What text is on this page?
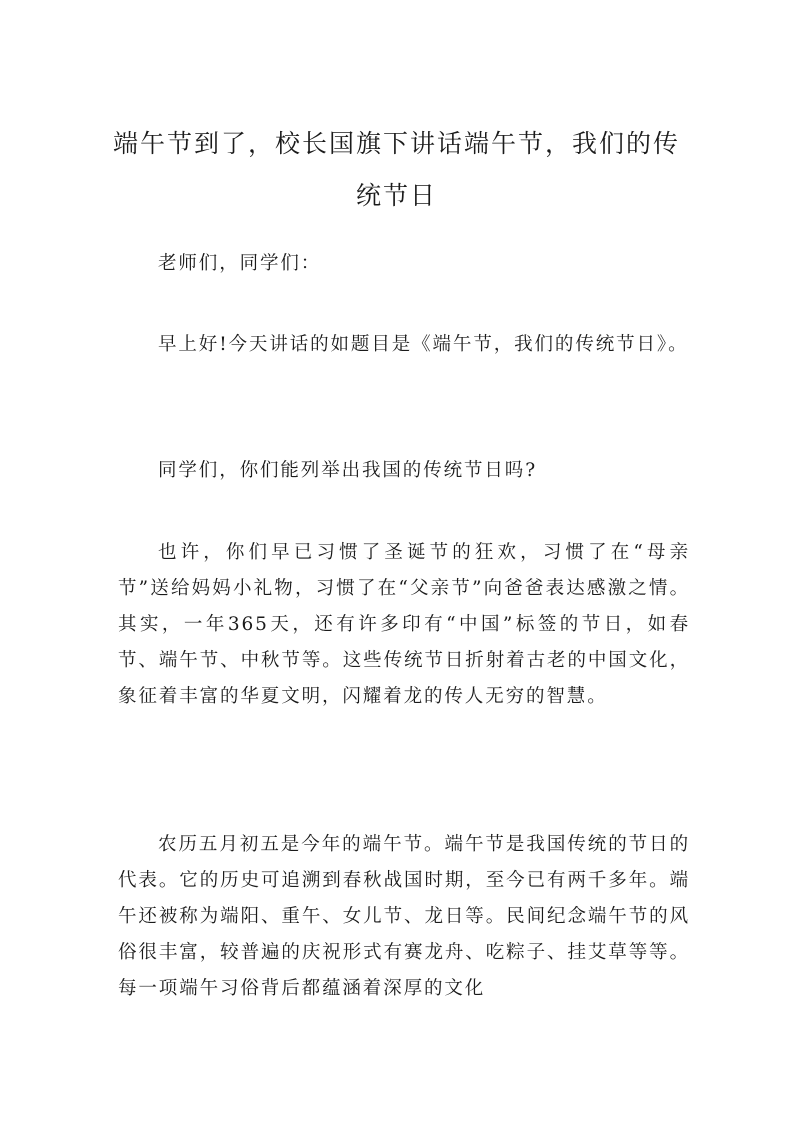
端午节到了，校长国旗下讲话端午节，我们的传统节日

老师们，同学们：

早上好!今天讲话的如题目是《端午节，我们的传统节日》。

同学们，你们能列举出我国的传统节日吗?

也许，你们早已习惯了圣诞节的狂欢，习惯了在“母亲节”送给妈妈小礼物，习惯了在“父亲节”向爸爸表达感激之情。其实，一年365天，还有许多印有“中国”标签的节日，如春节、端午节、中秋节等。这些传统节日折射着古老的中国文化，象征着丰富的华夏文明，闪耀着龙的传人无穷的智慧。

农历五月初五是今年的端午节。端午节是我国传统的节日的代表。它的历史可追溯到春秋战国时期，至今已有两千多年。端午还被称为端阳、重午、女儿节、龙日等。民间纪念端午节的风俗很丰富，较普遍的庆祝形式有赛龙舟、吃粽子、挂艾草等等。每一项端午习俗背后都蕴涵着深厚的文化
